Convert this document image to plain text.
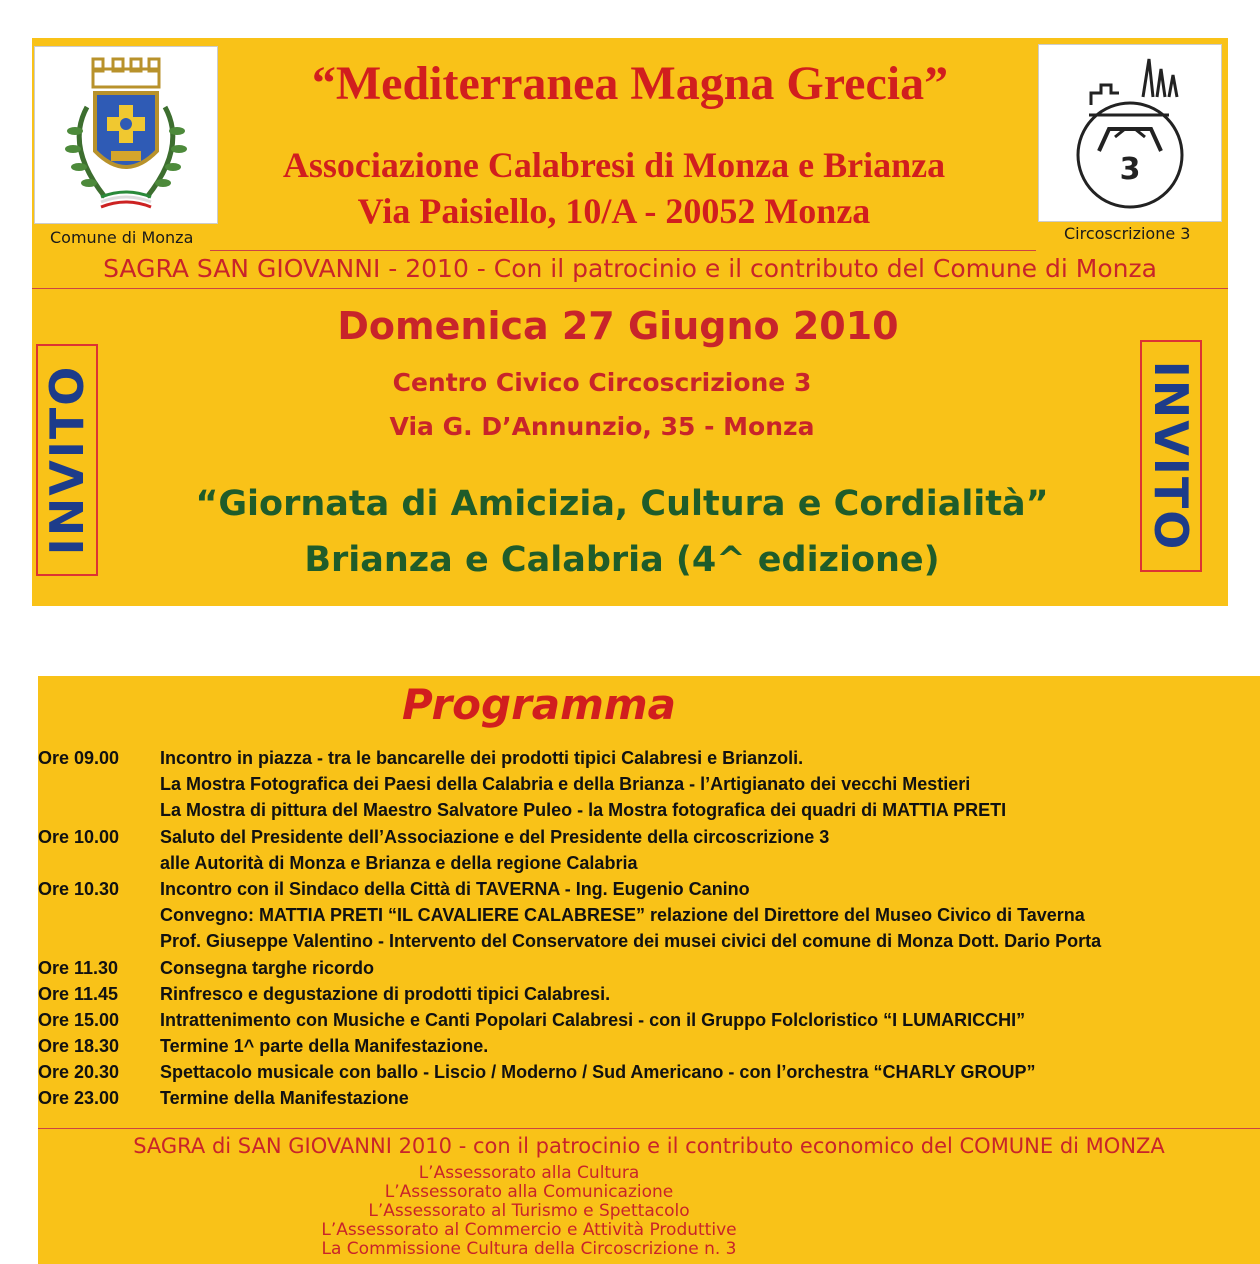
Comune di Monza
3
Circoscrizione 3
“Mediterranea Magna Grecia”
Associazione Calabresi di Monza e Brianza
Via Paisiello, 10/A - 20052 Monza
SAGRA SAN GIOVANNI - 2010 - Con il patrocinio e il contributo del Comune di Monza
Domenica 27 Giugno 2010
Centro Civico Circoscrizione 3
Via G. D’Annunzio, 35 - Monza
“Giornata di Amicizia, Cultura e Cordialità”
Brianza e Calabria (4^ edizione)
INVITO	INVITO
Programma
Ore 09.00 Incontro in piazza - tra le bancarelle dei prodotti tipici Calabresi e Brianzoli.
La Mostra Fotografica dei Paesi della Calabria e della Brianza - l’Artigianato dei vecchi Mestieri
La Mostra di pittura del Maestro Salvatore Puleo - la Mostra fotografica dei quadri di MATTIA PRETI
Ore 10.00 Saluto del Presidente dell’Associazione e del Presidente della circoscrizione 3
alle Autorità di Monza e Brianza e della regione Calabria
Ore 10.30 Incontro con il Sindaco della Città di TAVERNA - Ing. Eugenio Canino
Convegno: MATTIA PRETI “IL CAVALIERE CALABRESE” relazione del Direttore del Museo Civico di Taverna
Prof. Giuseppe Valentino - Intervento del Conservatore dei musei civici del comune di Monza Dott. Dario Porta
Ore 11.30 Consegna targhe ricordo
Ore 11.45 Rinfresco e degustazione di prodotti tipici Calabresi.
Ore 15.00 Intrattenimento con Musiche e Canti Popolari Calabresi - con il Gruppo Folcloristico “I LUMARICCHI”
Ore 18.30 Termine 1^ parte della Manifestazione.
Ore 20.30 Spettacolo musicale con ballo - Liscio / Moderno / Sud Americano - con l’orchestra “CHARLY GROUP”
Ore 23.00 Termine della Manifestazione
SAGRA di SAN GIOVANNI 2010 - con il patrocinio e il contributo economico del COMUNE di MONZA
L’Assessorato alla Cultura
L’Assessorato alla Comunicazione
L’Assessorato al Turismo e Spettacolo
L’Assessorato al Commercio e Attività Produttive
La Commissione Cultura della Circoscrizione n. 3
